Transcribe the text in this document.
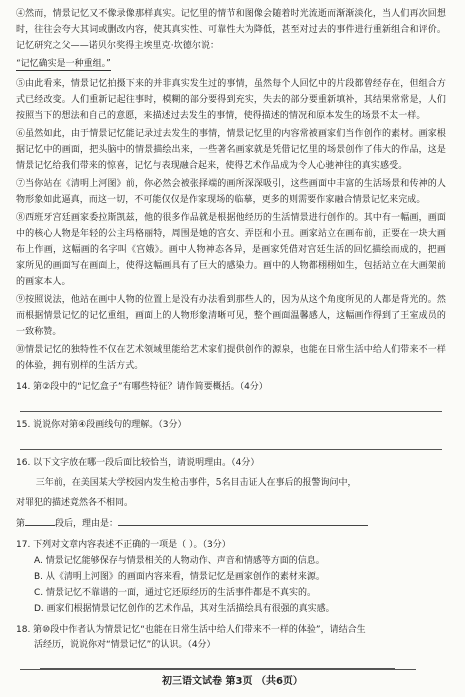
④然而，情景记忆又不像录像那样真实。记忆里的情节和图像会随着时光流逝而渐渐淡化，当人们再次回想时，往往会夸大其词或删改内容，使其真实性、可靠性大为降低，甚至对过去的事件进行重新组合和评价。记忆研究之父——诺贝尔奖得主埃里克·坎德尔说：

“记忆确实是一种重组。”

⑤由此看来，情景记忆拍摄下来的并非真实发生过的事情，虽然每个人回忆中的片段都曾经存在，但组合方式已经改变。人们重新记起往事时，模糊的部分要得到充实，失去的部分要重新填补，其结果常常是，人们按照当下的想法和自己的意愿，来描述过去发生的事情，使得描述的情况和原本发生的场景不太一样。

⑥虽然如此，由于情景记忆能记录过去发生的事情，情景记忆里的内容常被画家们当作创作的素材。画家根据记忆中的画面，把头脑中的情景描绘出来，一些著名画家就是凭借记忆里的场景创作了伟大的作品，这是情景记忆给我们带来的惊喜，记忆与表现融合起来，使得艺术作品成为令人心驰神往的真实感受。

⑦当你站在《清明上河图》前，你必然会被张择端的画所深深吸引，这些画面中丰富的生活场景和传神的人物形象如此逼真，而这一切，不可能仅仅是作家现场的临摹，更多的则需要作家融合情景记忆来完成。

⑧西班牙宫廷画家委拉斯凯兹，他的很多作品就是根据他经历的生活情景进行创作的。其中有一幅画，画面中的核心人物是年轻的公主玛格丽特，周围是她的宫女、弄臣和小丑。画家站立在画布前，正要在一块大画布上作画，这幅画的名字叫《宫娥》。画中人物神态各异，是画家凭借对宫廷生活的回忆描绘而成的，把画家所见的画面写在画面上，使得这幅画具有了巨大的感染力。画中的人物都栩栩如生，包括站立在大画架前的画家本人。

⑨按照说法，他站在画中人物的位置上是没有办法看到那些人的，因为从这个角度所见的人都是背光的。然而根据情景记忆的记忆重组，画面上的人物形象清晰可见，整个画面温馨感人，这幅画作得到了王室成员的一致称赞。

⑩情景记忆的独特性不仅在艺术领域里能给艺术家们提供创作的源泉，也能在日常生活中给人们带来不一样的体验，拥有别样的生活方式。

14. 第②段中的“记忆盒子”有哪些特征？请作简要概括。（4分）
15. 说说你对第④段画线句的理解。（3分）
16. 以下文字放在哪一段后面比较恰当，请说明理由。（4分）
三年前，在美国某大学校园内发生枪击事件，5名目击证人在事后的报警询问中，
对罪犯的描述竟然各不相同。
第	段后，理由是：
17. 下列对文章内容表述不正确的一项是（ ）。（3分）
A. 情景记忆能够保存与情景相关的人物动作、声音和情感等方面的信息。
B. 从《清明上河图》的画面内容来看，情景记忆是画家创作的素材来源。
C. 情景记忆不靠谱的一面，通过它还原经历的生活事件都是不真实的。
D. 画家们根据情景记忆创作的艺术作品，其对生活描绘具有很强的真实感。
18. 第⑩段中作者认为情景记忆“也能在日常生活中给人们带来不一样的体验”，请结合生
活经历，说说你对“情景记忆”的认识。（4分）
初三语文试卷 第3页 （共6页）
